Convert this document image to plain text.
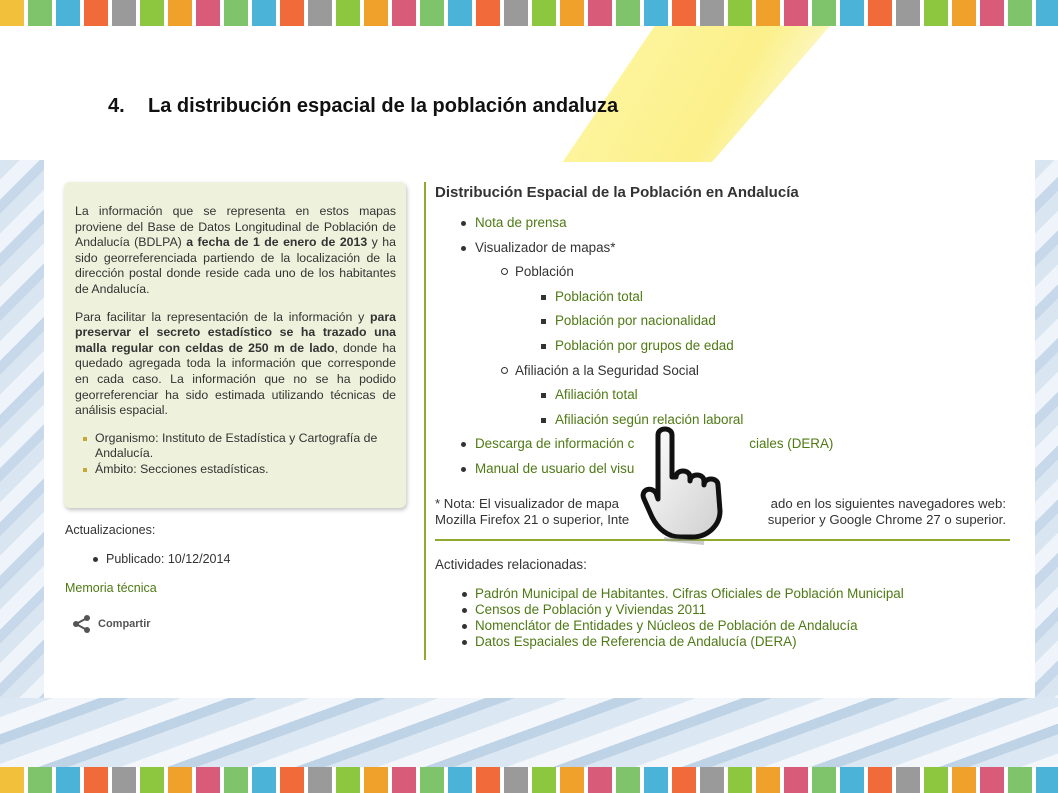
4. La distribución espacial de la población andaluza

La información que se representa en estos mapas proviene del Base de Datos Longitudinal de Población de Andalucía (BDLPA) a fecha de 1 de enero de 2013 y ha sido georreferenciada partiendo de la localización de la dirección postal donde reside cada uno de los habitantes de Andalucía.

Para facilitar la representación de la información y para preservar el secreto estadístico se ha trazado una malla regular con celdas de 250 m de lado, donde ha quedado agregada toda la información que corresponde en cada caso. La información que no se ha podido georreferenciar ha sido estimada utilizando técnicas de análisis espacial.

Organismo: Instituto de Estadística y Cartografía de Andalucía.
Ámbito: Secciones estadísticas.
Actualizaciones:
Publicado: 10/12/2014
Memoria técnica
Compartir
Distribución Espacial de la Población en Andalucía
Nota de prensa
Visualizador de mapas*
Población
Población total
Población por nacionalidad
Población por grupos de edad
Afiliación a la Seguridad Social
Afiliación total
Afiliación según relación laboral
Descarga de información c	ciales (DERA)
Manual de usuario del visu
* Nota: El visualizador de mapa	ado en los siguientes navegadores web:
Mozilla Firefox 21 o superior, Inte	superior y Google Chrome 27 o superior.
Actividades relacionadas:
Padrón Municipal de Habitantes. Cifras Oficiales de Población Municipal
Censos de Población y Viviendas 2011
Nomenclátor de Entidades y Núcleos de Población de Andalucía
Datos Espaciales de Referencia de Andalucía (DERA)
